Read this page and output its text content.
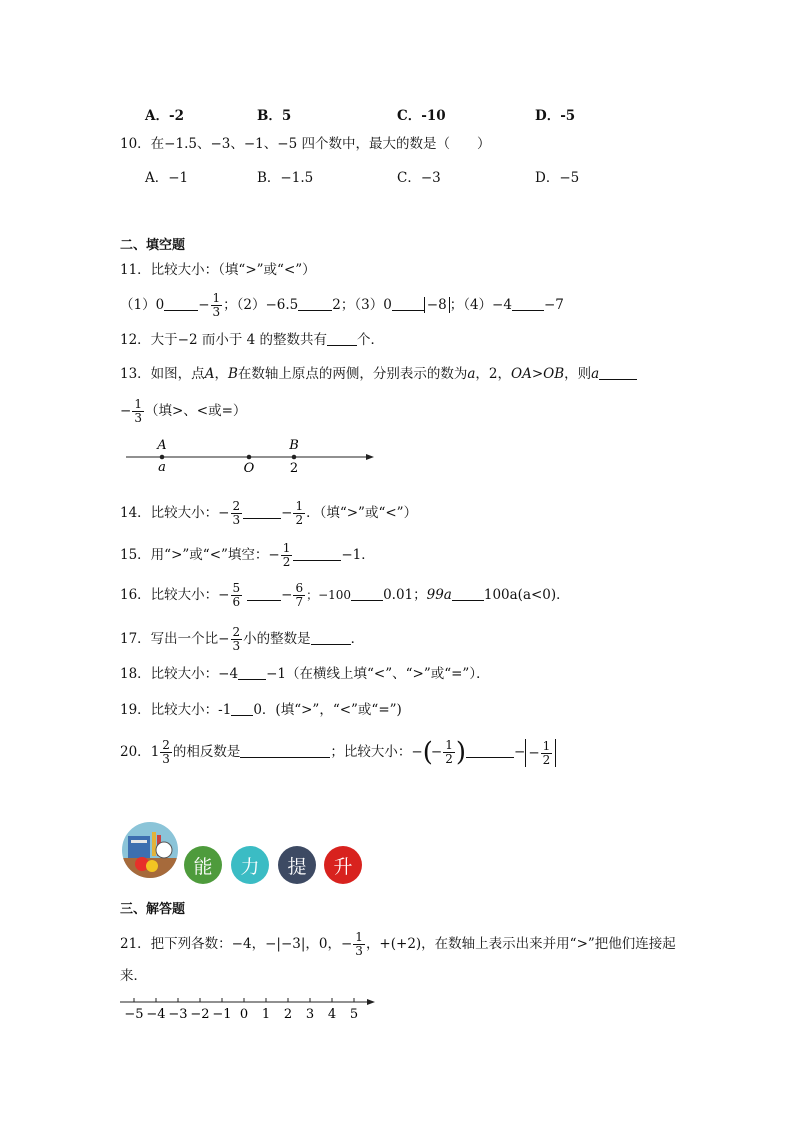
A．-2	B．5	C．-10	D．-5
10．在−1.5、−3、−1、−5 四个数中，最大的数是（　　）
A．−1	B．−1.5	C．−3	D．−5
二、填空题
11．比较大小：（填“>”或“<”）
（1）0	− $\frac{1}{3}$ ；（2）−6.5	2；（3）0	−8 ；（4）−4 −7
12．大于−2 而小于 4 的整数共有 个．
13．如图，点A，B在数轴上原点的两侧，分别表示的数为a，2，OA>OB，则a
− $\frac{1}{3}$ （填>、<或=）
A
a	O
B
2
14．比较大小：− $\frac{2}{3}$	− $\frac{1}{2}$ ．（填“>”或“<”）
15．用“>”或“<”填空：− $\frac{1}{2}$	−1．
16．比较大小：− $\frac{5}{6}$	− $\frac{6}{7}$ ；−100 0.01；99a 100a(a<0)．
17．写出一个比− $\frac{2}{3}$ 小的整数是	．
18．比较大小：−4 −1（在横线上填“<”、“>”或“=”）．
19．比较大小：-1 0．(填“>”，“<”或“=”)
20．$1 \frac{2}{3}$ 的相反数是	；比较大小：−(− $\frac{1}{2}$ )	− − $\frac{1}{2}$
能	力	提	升
三、解答题
21．把下列各数：−4，−|−3|，0，− $\frac{1}{3}$ ，+(+2)，在数轴上表示出来并用“>”把他们连接起
来．
−5 −4 −3 −2 −1 0 1 2 3 4 5
